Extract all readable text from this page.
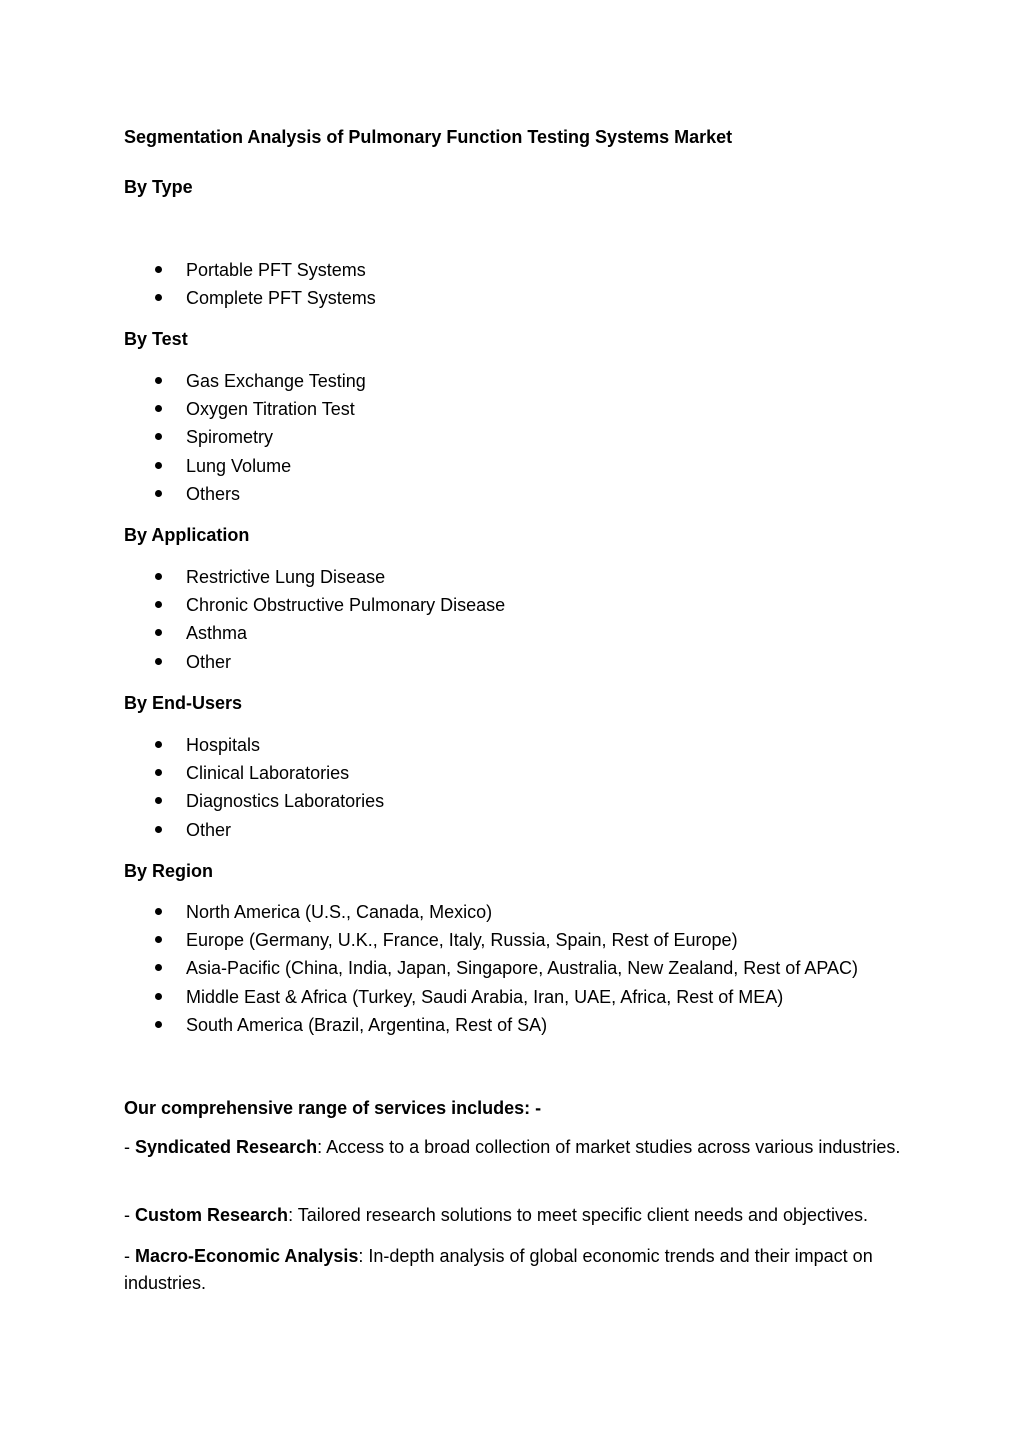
Segmentation Analysis of Pulmonary Function Testing Systems Market
By Type
Portable PFT Systems
Complete PFT Systems
By Test
Gas Exchange Testing
Oxygen Titration Test
Spirometry
Lung Volume
Others
By Application
Restrictive Lung Disease
Chronic Obstructive Pulmonary Disease
Asthma
Other
By End-Users
Hospitals
Clinical Laboratories
Diagnostics Laboratories
Other
By Region
North America (U.S., Canada, Mexico)
Europe (Germany, U.K., France, Italy, Russia, Spain, Rest of Europe)
Asia-Pacific (China, India, Japan, Singapore, Australia, New Zealand, Rest of APAC)
Middle East & Africa (Turkey, Saudi Arabia, Iran, UAE, Africa, Rest of MEA)
South America (Brazil, Argentina, Rest of SA)
Our comprehensive range of services includes: -

- Syndicated Research: Access to a broad collection of market studies across various industries.

- Custom Research: Tailored research solutions to meet specific client needs and objectives.

- Macro-Economic Analysis: In-depth analysis of global economic trends and their impact on industries.
